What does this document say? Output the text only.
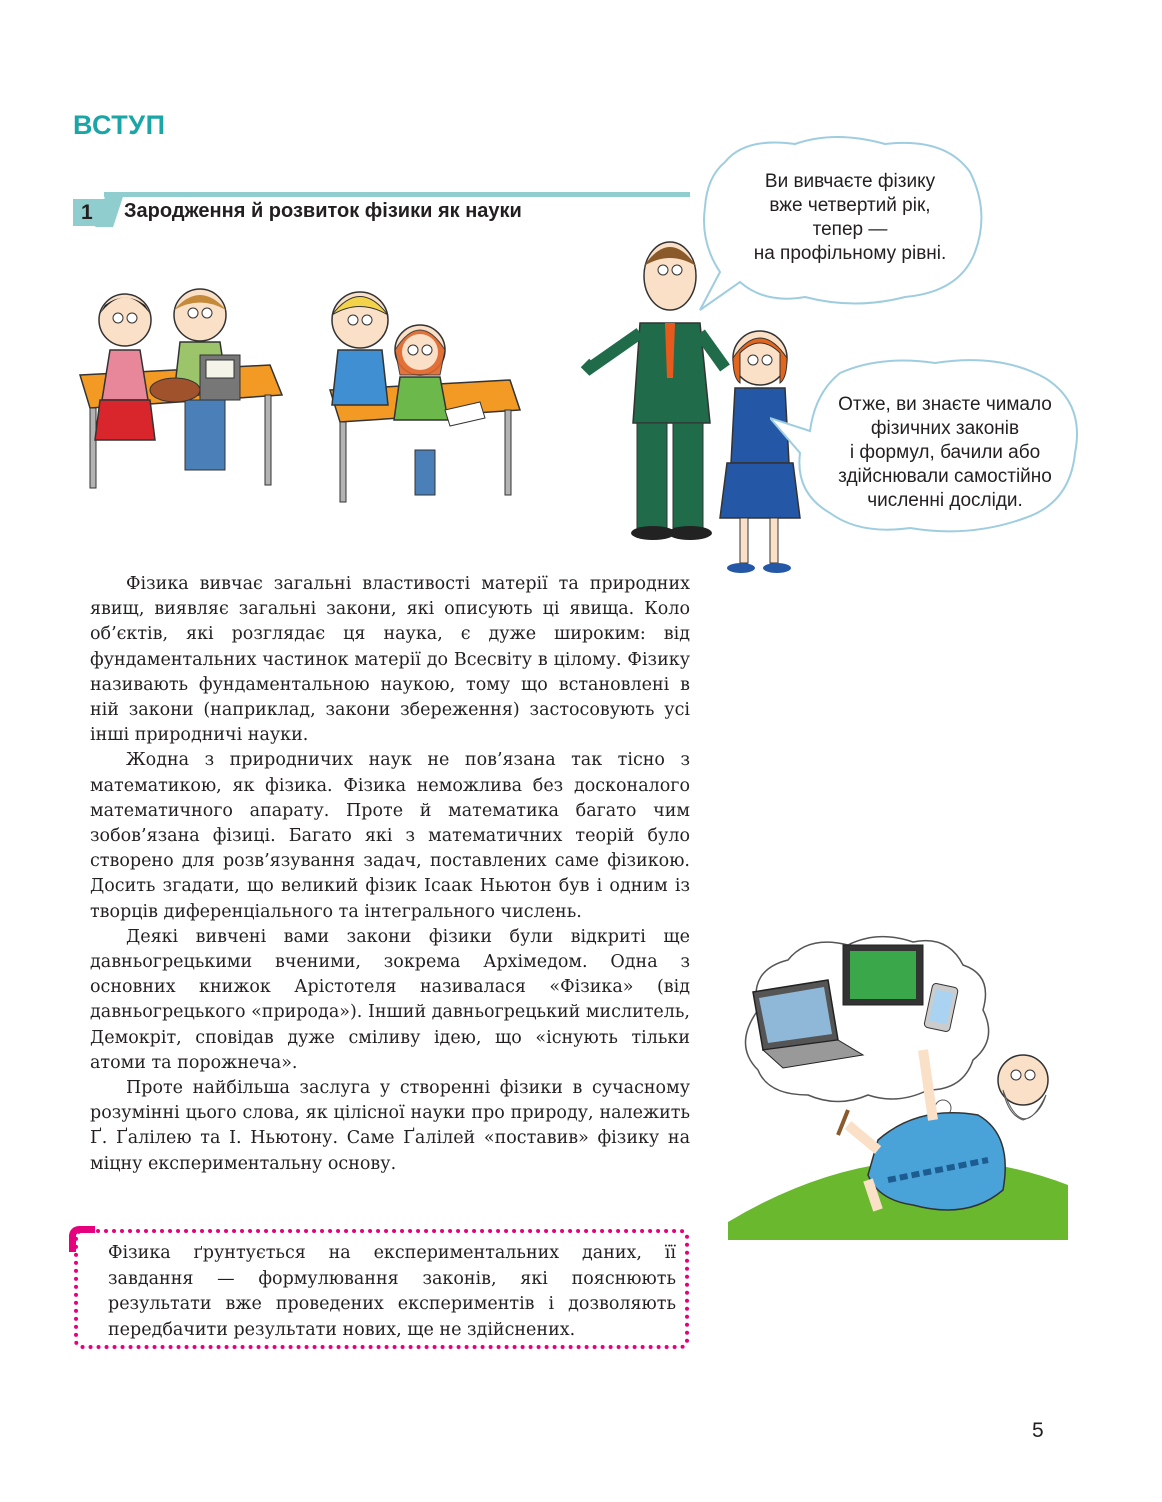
ВСТУП
1	Зародження й розвиток фізики як науки
Ви вивчаєте фізику
вже четвертий рік,
тепер —
на профільному рівні.
Отже, ви знаєте чимало
фізичних законів
і формул, бачили або
здійснювали самостійно
численні досліди.

Фізика вивчає загальні властивості матерії та природних явищ, виявляє загальні закони, які описують ці явища. Коло об’єктів, які розглядає ця наука, є дуже широким: від фундаментальних частинок матерії до Всесвіту в цілому. Фізику називають фундаментальною наукою, тому що встановлені в ній закони (наприклад, закони збереження) застосовують усі інші природничі науки.

Жодна з природничих наук не пов’язана так тісно з математикою, як фізика. Фізика неможлива без досконалого математичного апарату. Проте й математика багато чим зобов’язана фізиці. Багато які з математичних теорій було створено для розв’язування задач, поставлених саме фізикою. Досить згадати, що великий фізик Ісаак Ньютон був і одним із творців диференціального та інтегрального числень.

Деякі вивчені вами закони фізики були відкриті ще давньогрецькими вченими, зокрема Архімедом. Одна з основних книжок Арістотеля називалася «Фізика» (від давньогрецького «природа»). Інший давньогрецький мислитель, Демокріт, сповідав дуже сміливу ідею, що «існують тільки атоми та порожнеча».

Проте найбільша заслуга у створенні фізики в сучасному розумінні цього слова, як цілісної науки про природу, належить Ґ. Ґалілею та І. Ньютону. Саме Ґалілей «поставив» фізику на міцну експериментальну основу.

Фізика ґрунтується на експериментальних даних, її завдання — формулювання законів, які пояснюють результати вже проведених експериментів і дозволяють передбачити результати нових, ще не здійснених.
5
